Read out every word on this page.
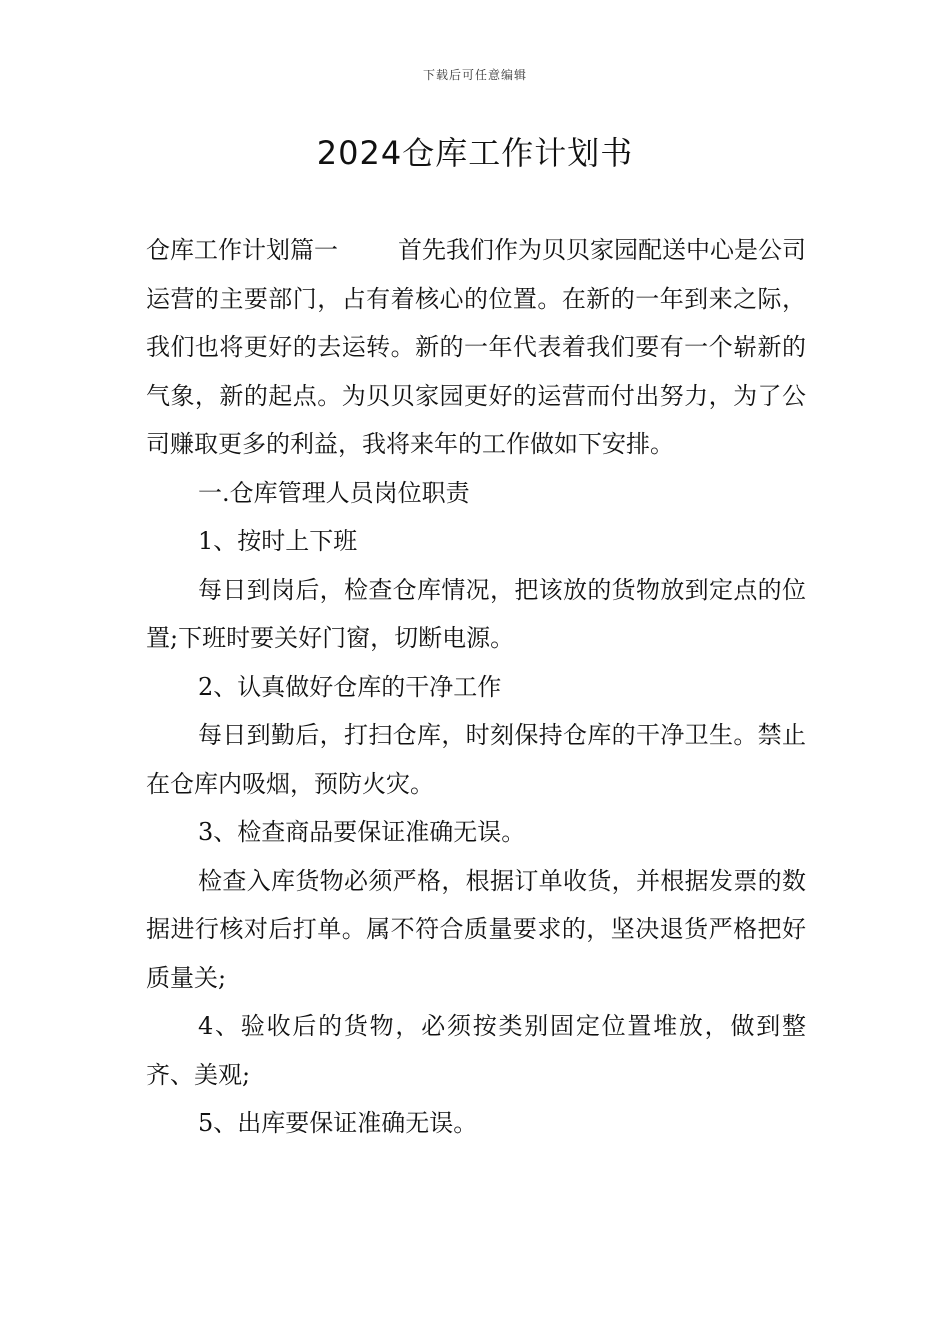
下载后可任意编辑
2024仓库工作计划书

仓库工作计划篇一	首先我们作为贝贝家园配送中心是公司运营的主要部门，占有着核心的位置。在新的一年到来之际，我们也将更好的去运转。新的一年代表着我们要有一个崭新的气象，新的起点。为贝贝家园更好的运营而付出努力，为了公司赚取更多的利益，我将来年的工作做如下安排。

一.仓库管理人员岗位职责

1、按时上下班

每日到岗后，检查仓库情况，把该放的货物放到定点的位置;下班时要关好门窗，切断电源。

2、认真做好仓库的干净工作

每日到勤后，打扫仓库，时刻保持仓库的干净卫生。禁止在仓库内吸烟，预防火灾。

3、检查商品要保证准确无误。

检查入库货物必须严格，根据订单收货，并根据发票的数据进行核对后打单。属不符合质量要求的，坚决退货严格把好质量关;

4、验收后的货物，必须按类别固定位置堆放，做到整齐、美观;

5、出库要保证准确无误。
